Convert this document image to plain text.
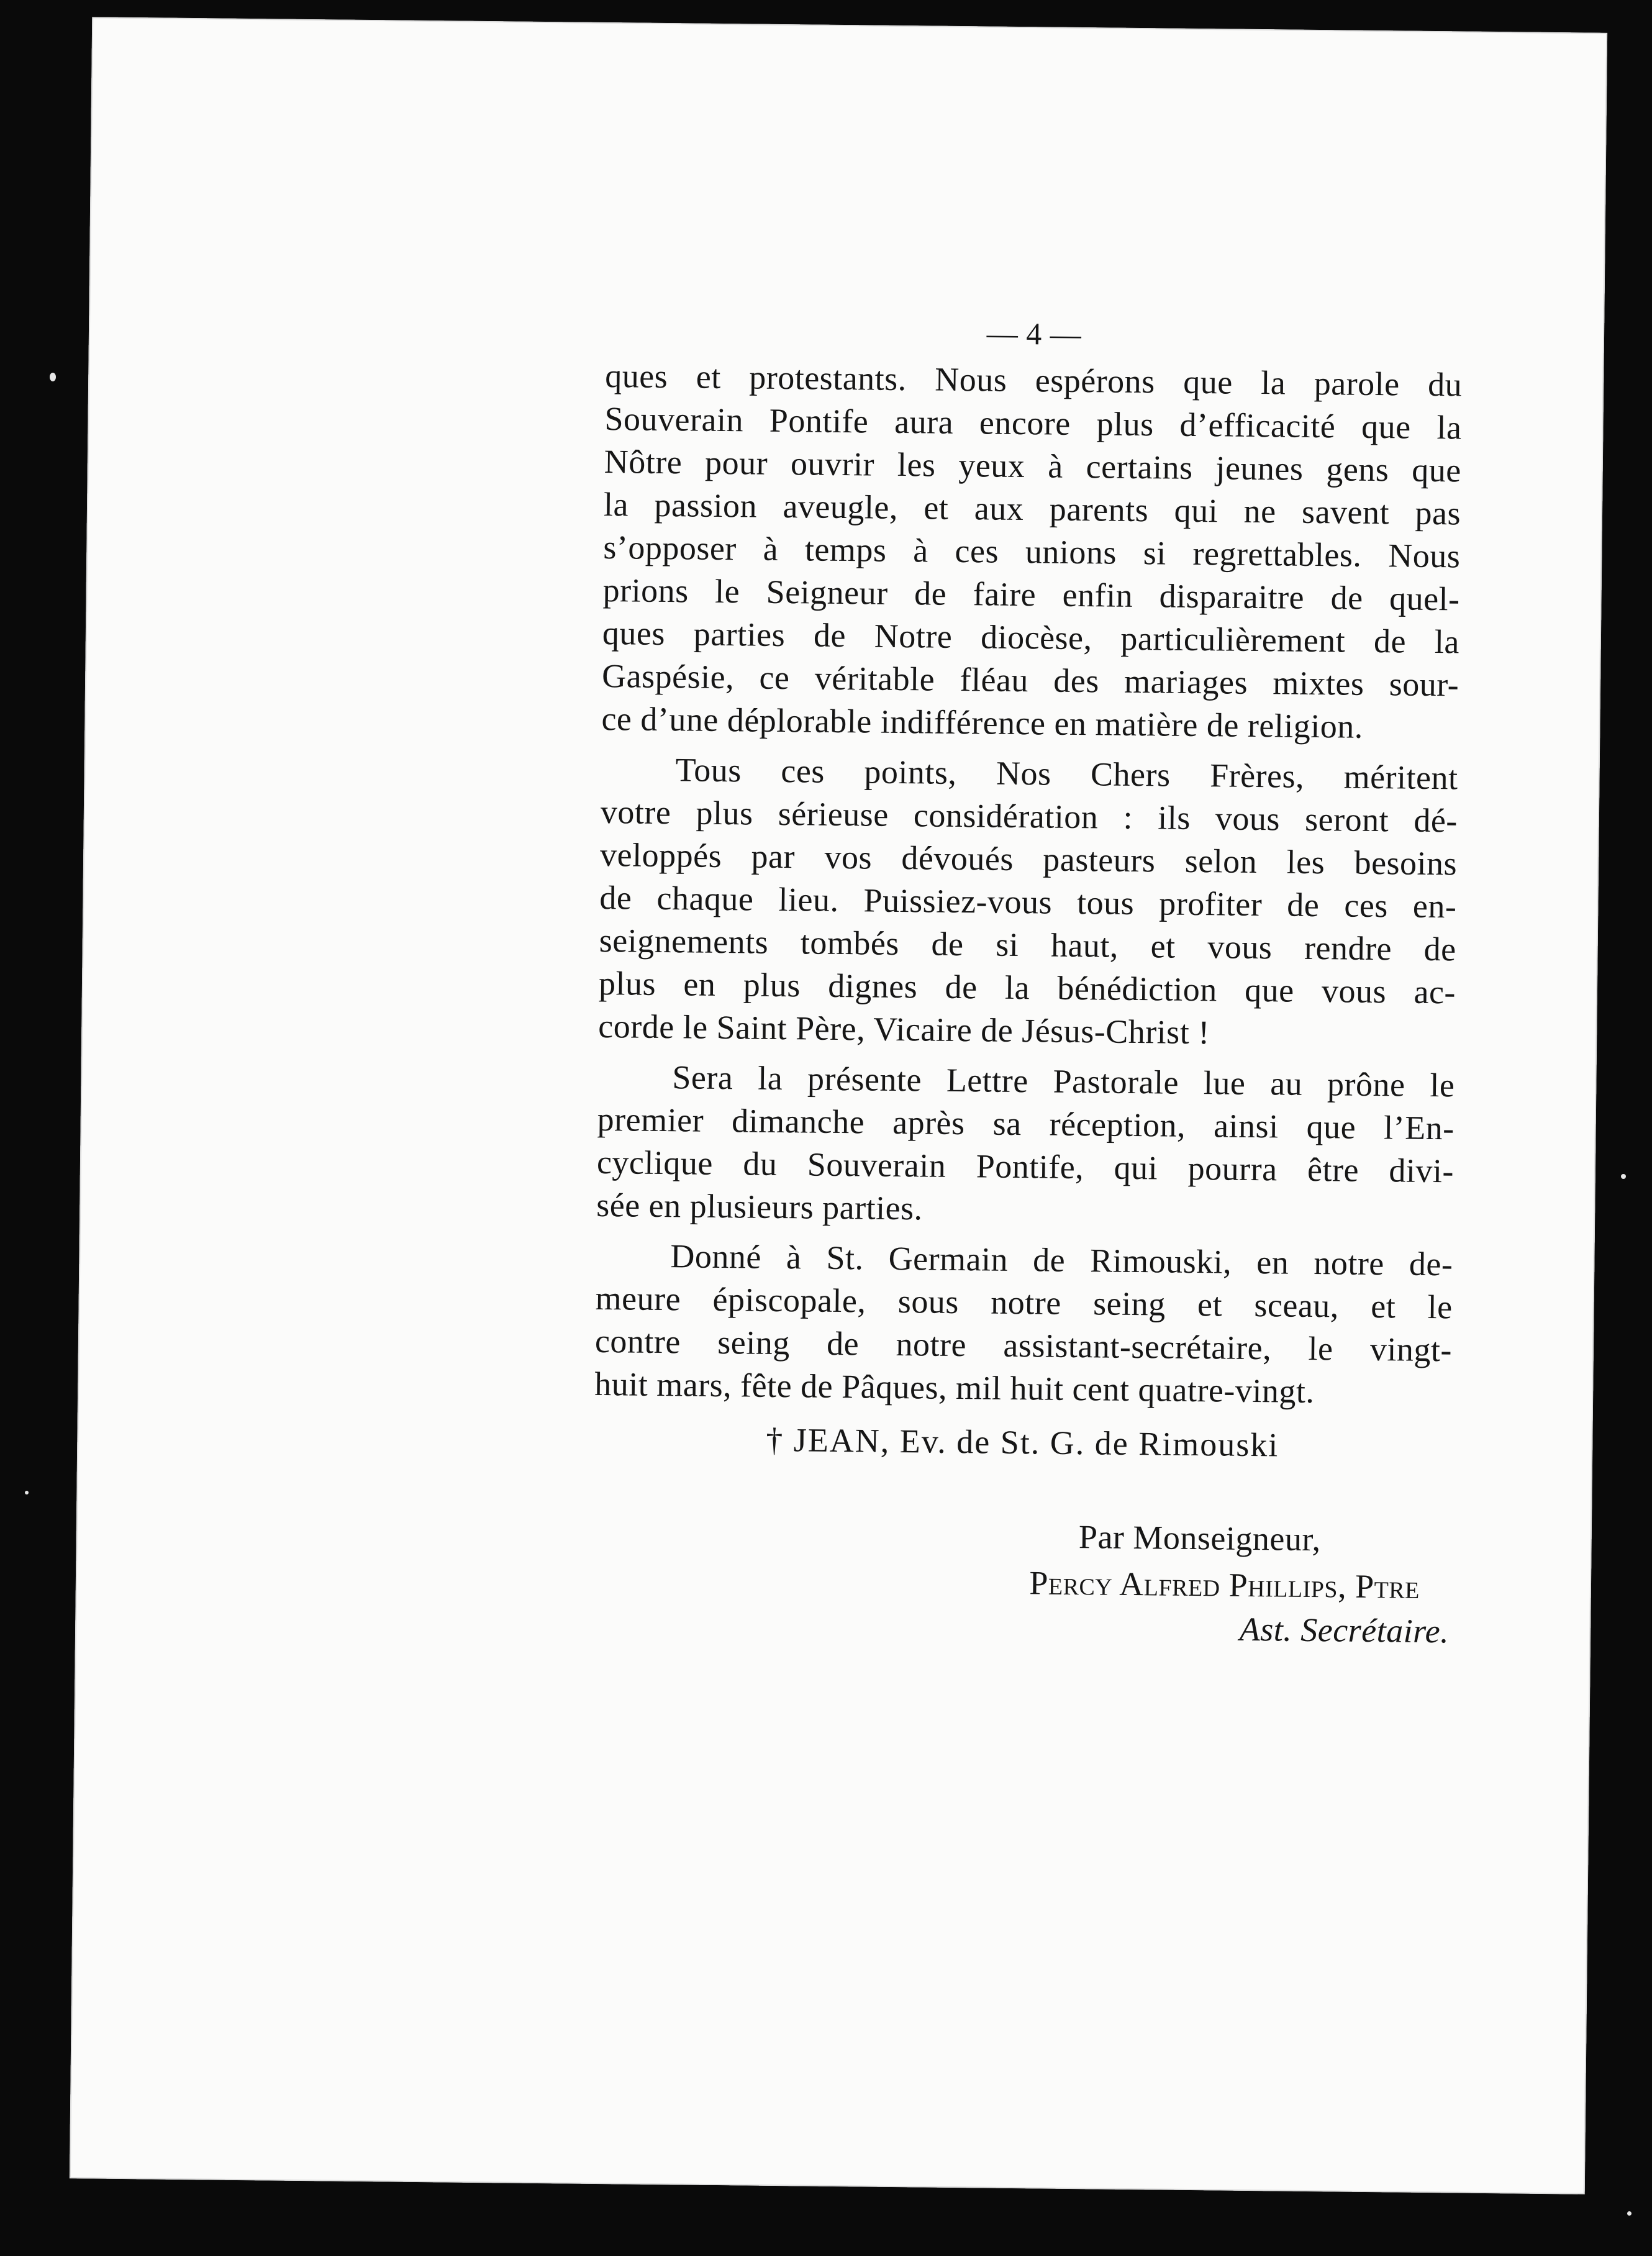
— 4 —
ques et protestants. Nous espérons que la parole du
Souverain Pontife aura encore plus d’efficacité que la
Nôtre pour ouvrir les yeux à certains jeunes gens que
la passion aveugle, et aux parents qui ne savent pas
s’opposer à temps à ces unions si regrettables. Nous
prions le Seigneur de faire enfin disparaitre de quel-
ques parties de Notre diocèse, particulièrement de la
Gaspésie, ce véritable fléau des mariages mixtes sour-
ce d’une déplorable indifférence en matière de religion.
Tous ces points, Nos Chers Frères, méritent
votre plus sérieuse considération : ils vous seront dé-
veloppés par vos dévoués pasteurs selon les besoins
de chaque lieu. Puissiez-vous tous profiter de ces en-
seignements tombés de si haut, et vous rendre de
plus en plus dignes de la bénédiction que vous ac-
corde le Saint Père, Vicaire de Jésus-Christ !
Sera la présente Lettre Pastorale lue au prône le
premier dimanche après sa réception, ainsi que l’En-
cyclique du Souverain Pontife, qui pourra être divi-
sée en plusieurs parties.
Donné à St. Germain de Rimouski, en notre de-
meure épiscopale, sous notre seing et sceau, et le
contre seing de notre assistant-secrétaire, le vingt-
huit mars, fête de Pâques, mil huit cent quatre-vingt.
† JEAN, Ev. de St. G. de Rimouski
Par Monseigneur,
Percy Alfred Phillips, Ptre
Ast. Secrétaire.
